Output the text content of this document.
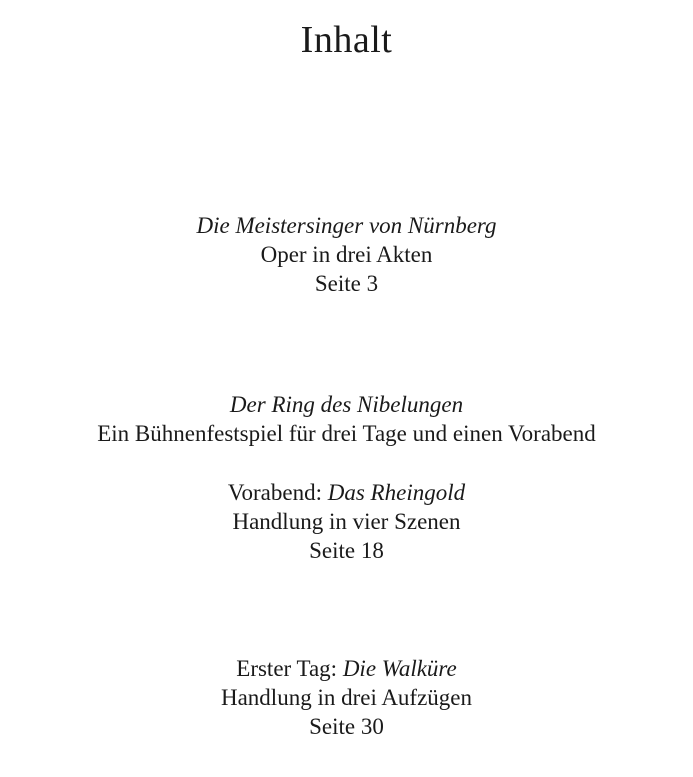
Inhalt
Die Meistersinger von Nürnberg
Oper in drei Akten
Seite 3
Der Ring des Nibelungen
Ein Bühnenfestspiel für drei Tage und einen Vorabend
Vorabend: Das Rheingold
Handlung in vier Szenen
Seite 18
Erster Tag: Die Walküre
Handlung in drei Aufzügen
Seite 30
